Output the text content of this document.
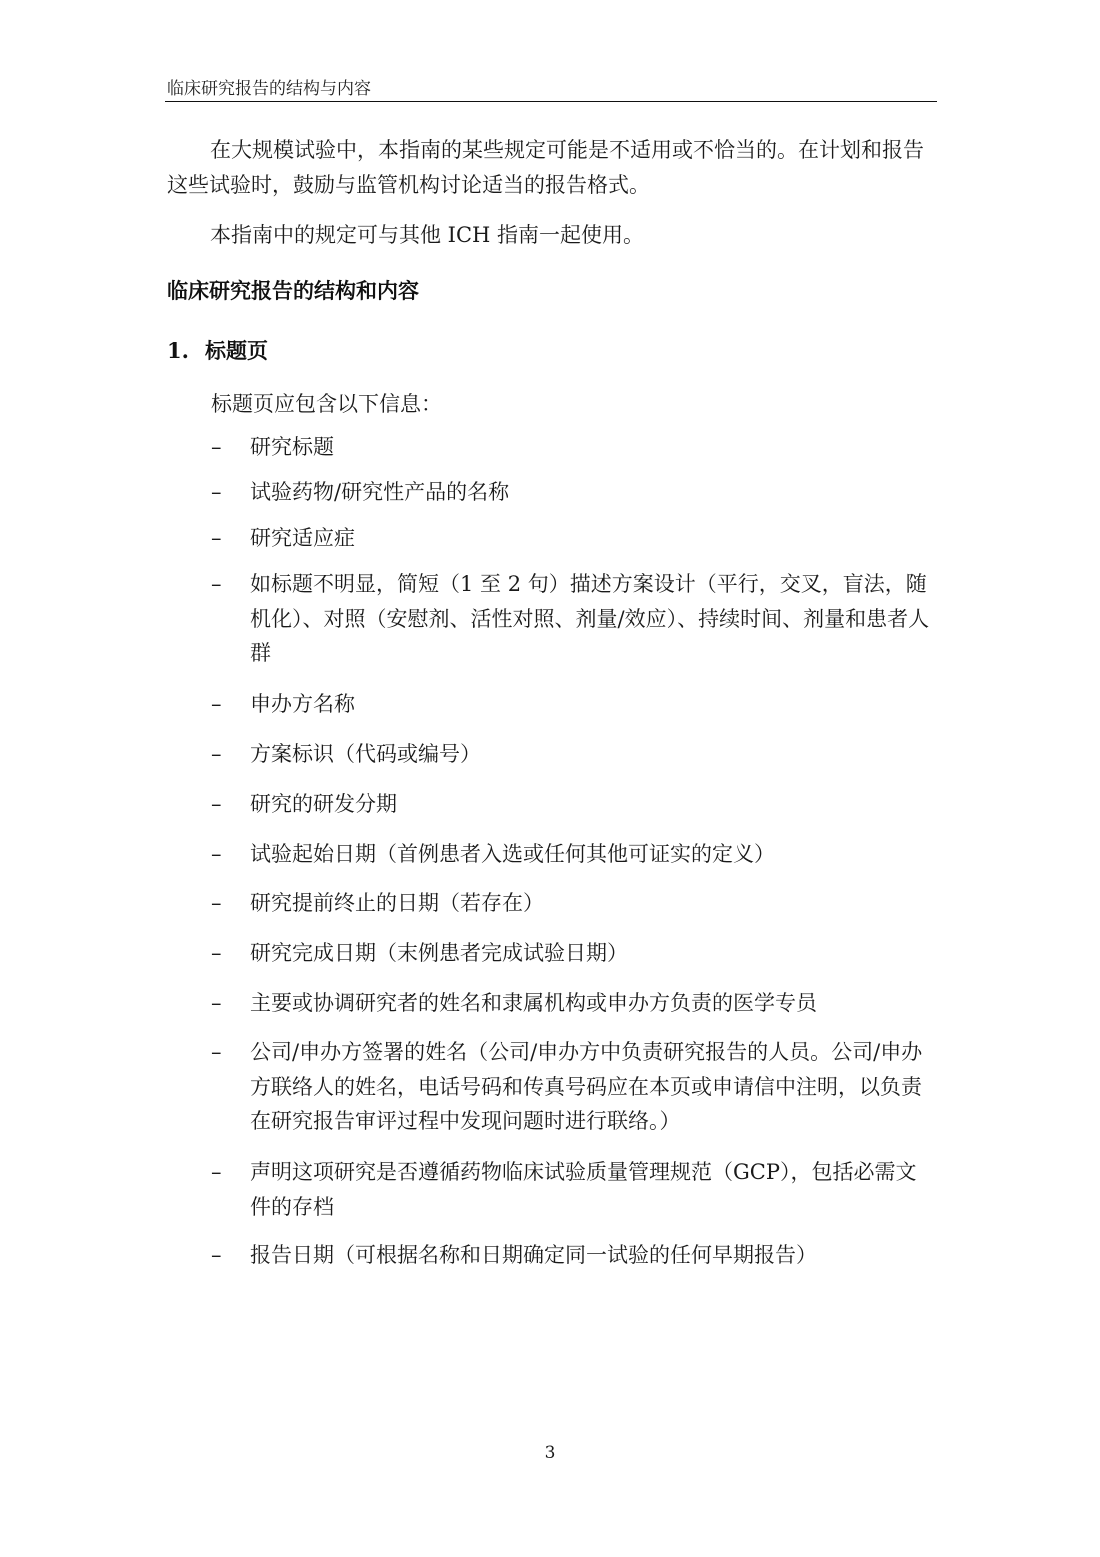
临床研究报告的结构与内容
在大规模试验中，本指南的某些规定可能是不适用或不恰当的。在计划和报告这些试验时，鼓励与监管机构讨论适当的报告格式。
本指南中的规定可与其他 ICH 指南一起使用。
临床研究报告的结构和内容
1. 标题页
标题页应包含以下信息：
–	研究标题
–	试验药物/研究性产品的名称
–	研究适应症
–	如标题不明显，简短（1 至 2 句）描述方案设计（平行，交叉，盲法，随机化）、对照（安慰剂、活性对照、剂量/效应）、持续时间、剂量和患者人群
–	申办方名称
–	方案标识（代码或编号）
–	研究的研发分期
–	试验起始日期（首例患者入选或任何其他可证实的定义）
–	研究提前终止的日期（若存在）
–	研究完成日期（末例患者完成试验日期）
–	主要或协调研究者的姓名和隶属机构或申办方负责的医学专员
–	公司/申办方签署的姓名（公司/申办方中负责研究报告的人员。公司/申办方联络人的姓名，电话号码和传真号码应在本页或申请信中注明，以负责在研究报告审评过程中发现问题时进行联络。）
–	声明这项研究是否遵循药物临床试验质量管理规范（GCP），包括必需文件的存档
–	报告日期（可根据名称和日期确定同一试验的任何早期报告）
3
